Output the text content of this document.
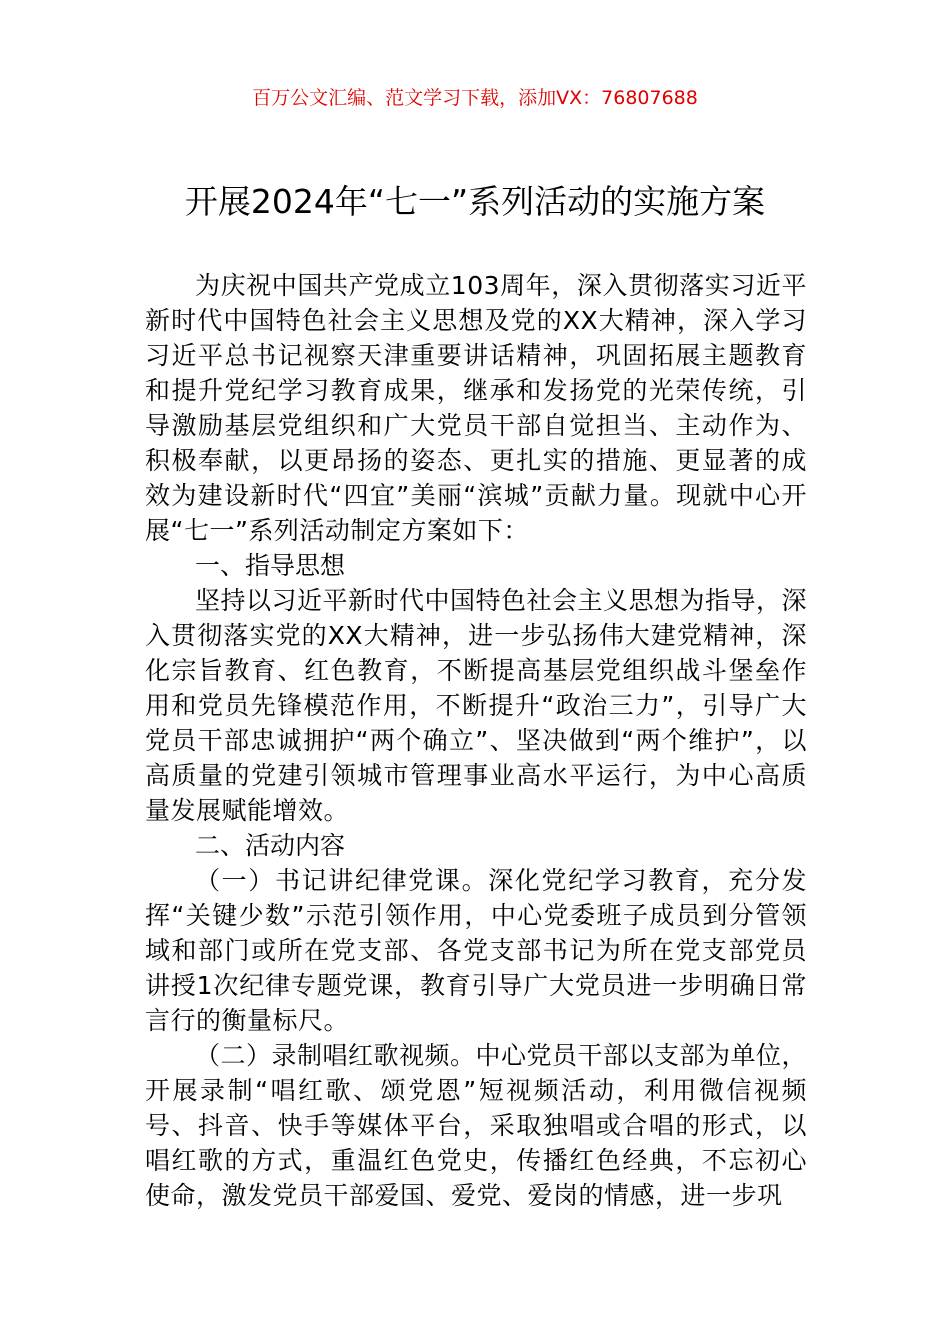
百万公文汇编、范文学习下载，添加VX：76807688
开展2024年“七一”系列活动的实施方案

为庆祝中国共产党成立103周年，深入贯彻落实习近平新时代中国特色社会主义思想及党的XX大精神，深入学习习近平总书记视察天津重要讲话精神，巩固拓展主题教育和提升党纪学习教育成果，继承和发扬党的光荣传统，引导激励基层党组织和广大党员干部自觉担当、主动作为、积极奉献，以更昂扬的姿态、更扎实的措施、更显著的成效为建设新时代“四宜”美丽“滨城”贡献力量。现就中心开展“七一”系列活动制定方案如下：

一、指导思想

坚持以习近平新时代中国特色社会主义思想为指导，深入贯彻落实党的XX大精神，进一步弘扬伟大建党精神，深化宗旨教育、红色教育，不断提高基层党组织战斗堡垒作用和党员先锋模范作用，不断提升“政治三力”，引导广大党员干部忠诚拥护“两个确立”、坚决做到“两个维护”，以高质量的党建引领城市管理事业高水平运行，为中心高质量发展赋能增效。

二、活动内容

（一）书记讲纪律党课。深化党纪学习教育，充分发挥“关键少数”示范引领作用，中心党委班子成员到分管领域和部门或所在党支部、各党支部书记为所在党支部党员讲授1次纪律专题党课，教育引导广大党员进一步明确日常言行的衡量标尺。

（二）录制唱红歌视频。中心党员干部以支部为单位，开展录制“唱红歌、颂党恩”短视频活动，利用微信视频号、抖音、快手等媒体平台，采取独唱或合唱的形式，以唱红歌的方式，重温红色党史，传播红色经典，不忘初心使命，激发党员干部爱国、爱党、爱岗的情感，进一步巩
